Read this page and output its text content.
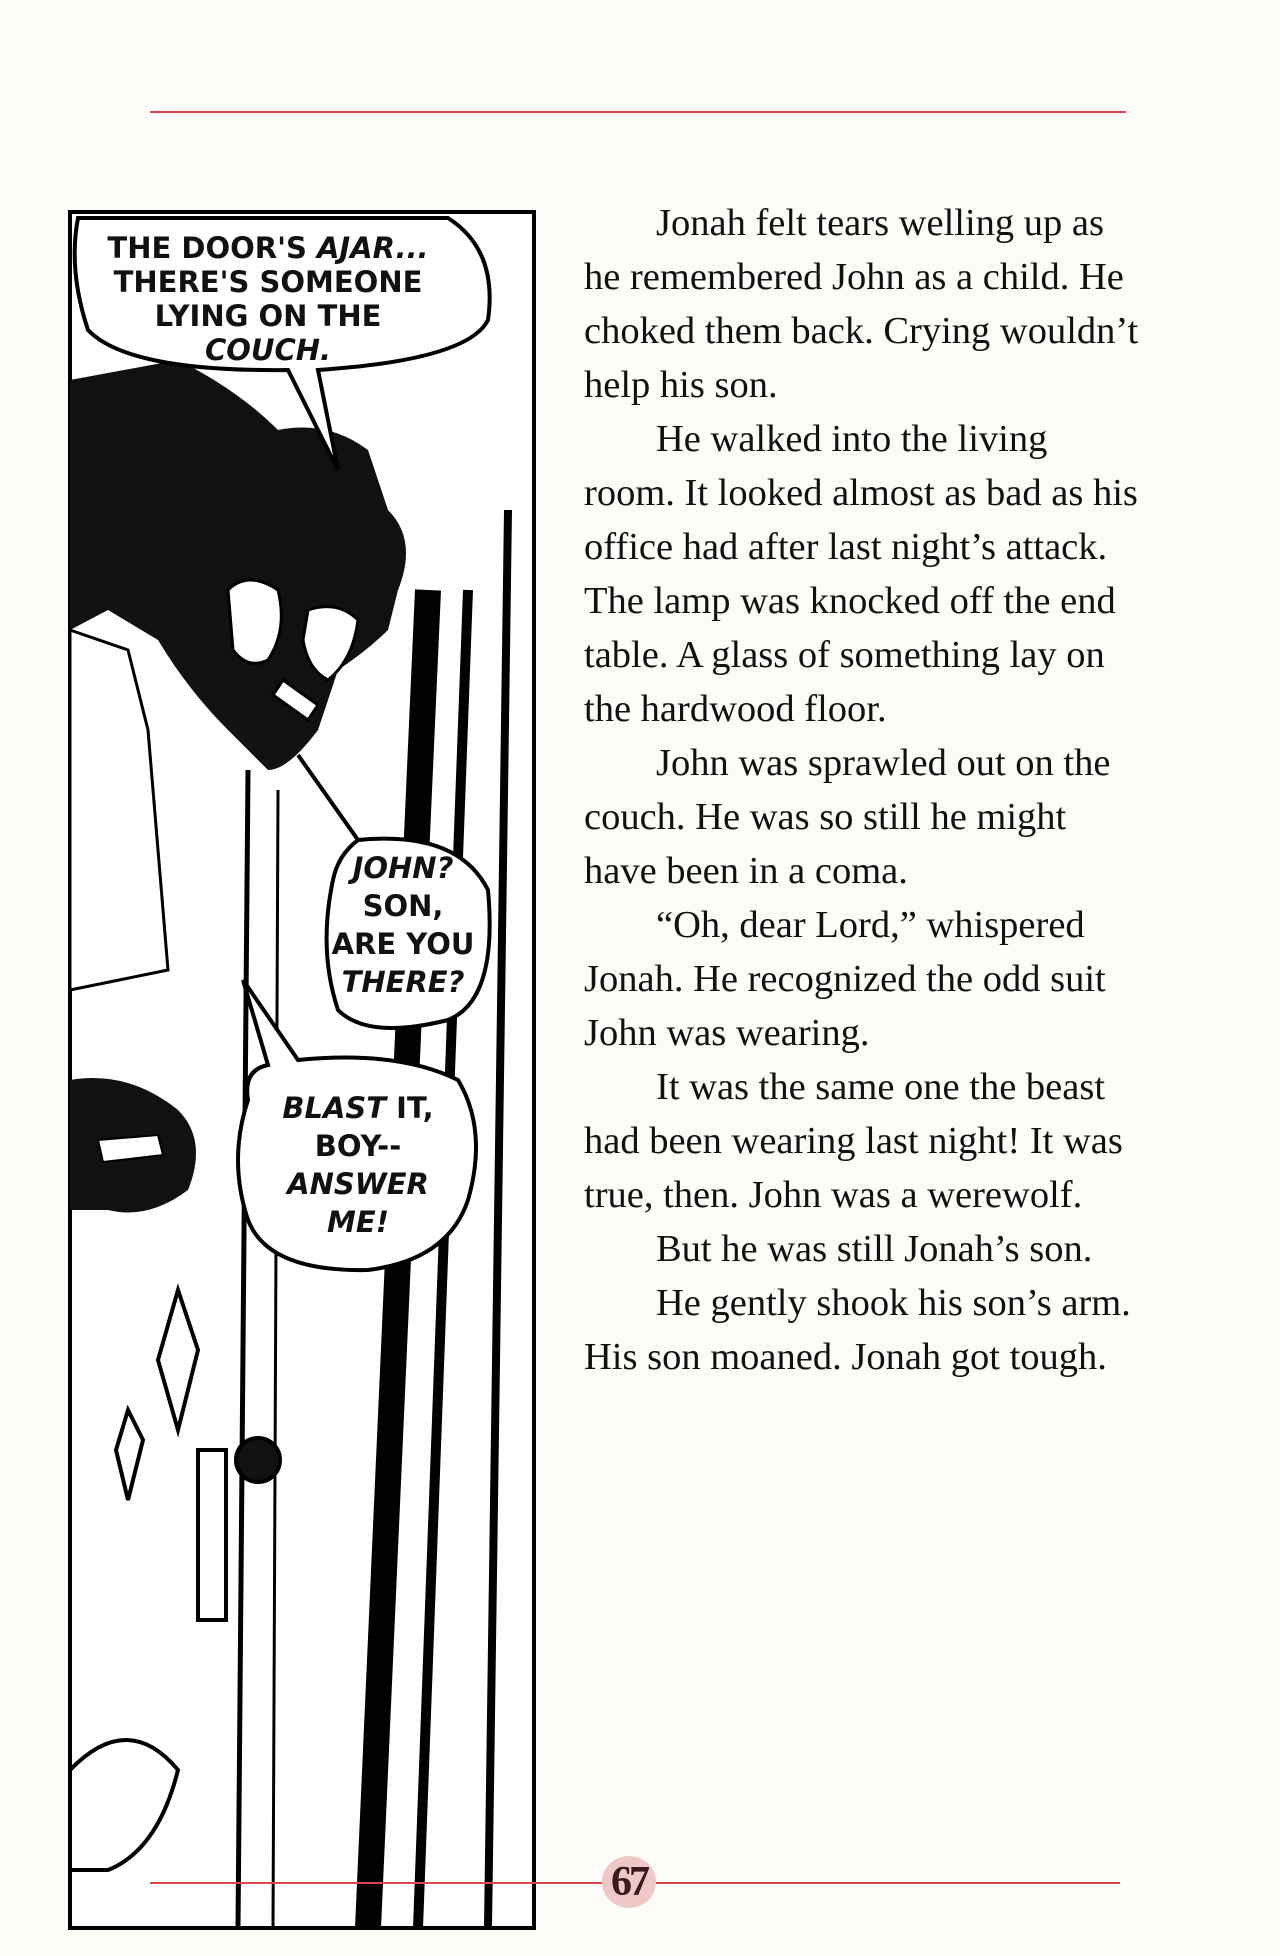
THE DOOR'S AJAR...
THERE'S SOMEONE
LYING ON THE
COUCH.
JOHN?
SON,
ARE YOU
THERE?
BLAST IT,
BOY--
ANSWER
ME!

Jonah felt tears welling up as he remembered John as a child. He choked them back. Crying wouldn’t help his son.

He walked into the living room. It looked almost as bad as his office had after last night’s attack. The lamp was knocked off the end table. A glass of something lay on the hardwood floor.

John was sprawled out on the couch. He was so still he might have been in a coma.

“Oh, dear Lord,” whispered Jonah. He recognized the odd suit John was wearing.

It was the same one the beast had been wearing last night! It was true, then. John was a werewolf.

But he was still Jonah’s son.

He gently shook his son’s arm. His son moaned. Jonah got tough.

67
